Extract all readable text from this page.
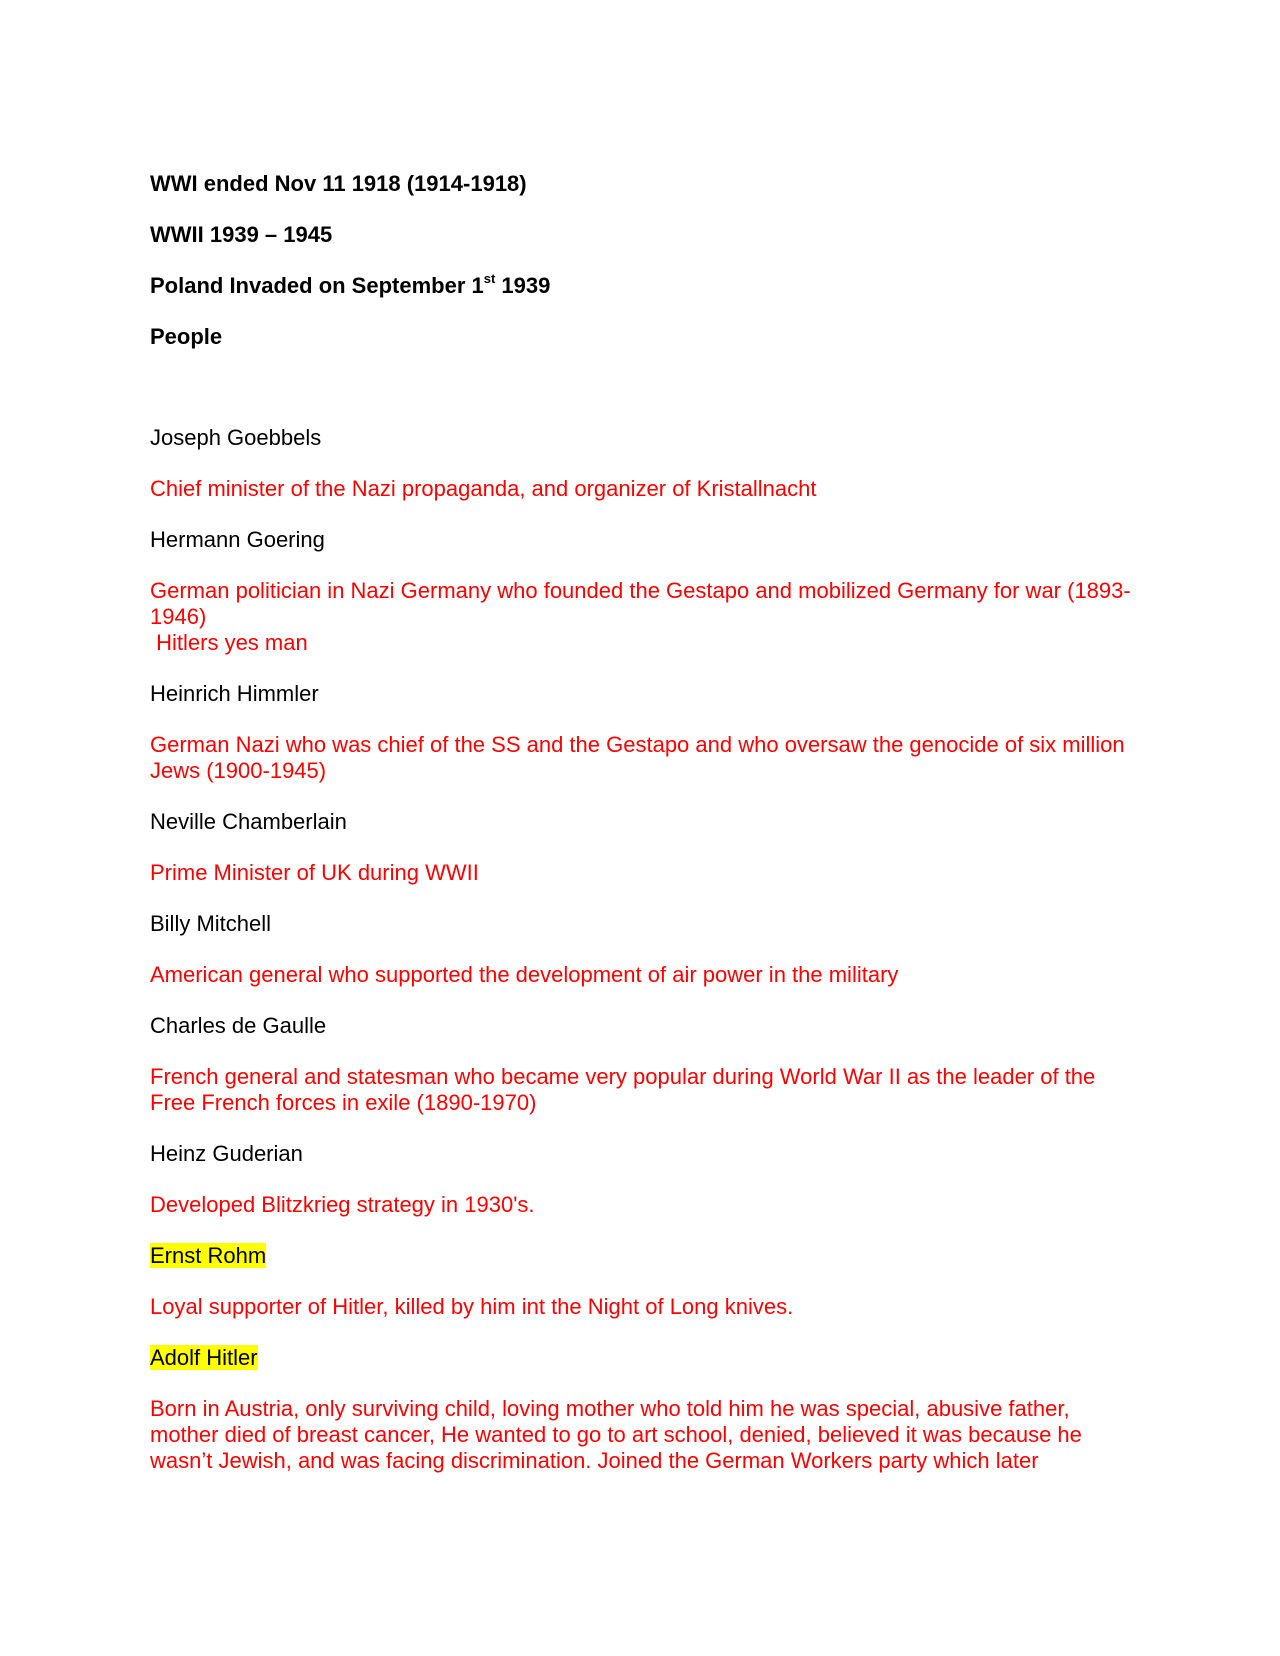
WWI ended Nov 11 1918 (1914-1918)

WWII 1939 – 1945

Poland Invaded on September 1st 1939

People

Joseph Goebbels

Chief minister of the Nazi propaganda, and organizer of Kristallnacht

Hermann Goering

German politician in Nazi Germany who founded the Gestapo and mobilized Germany for war (1893-1946)
Hitlers yes man

Heinrich Himmler

German Nazi who was chief of the SS and the Gestapo and who oversaw the genocide of six million Jews (1900-1945)

Neville Chamberlain

Prime Minister of UK during WWII

Billy Mitchell

American general who supported the development of air power in the military

Charles de Gaulle

French general and statesman who became very popular during World War II as the leader of the Free French forces in exile (1890-1970)

Heinz Guderian

Developed Blitzkrieg strategy in 1930's.

Ernst Rohm

Loyal supporter of Hitler, killed by him int the Night of Long knives.

Adolf Hitler

Born in Austria, only surviving child, loving mother who told him he was special, abusive father, mother died of breast cancer, He wanted to go to art school, denied, believed it was because he wasn’t Jewish, and was facing discrimination. Joined the German Workers party which later
